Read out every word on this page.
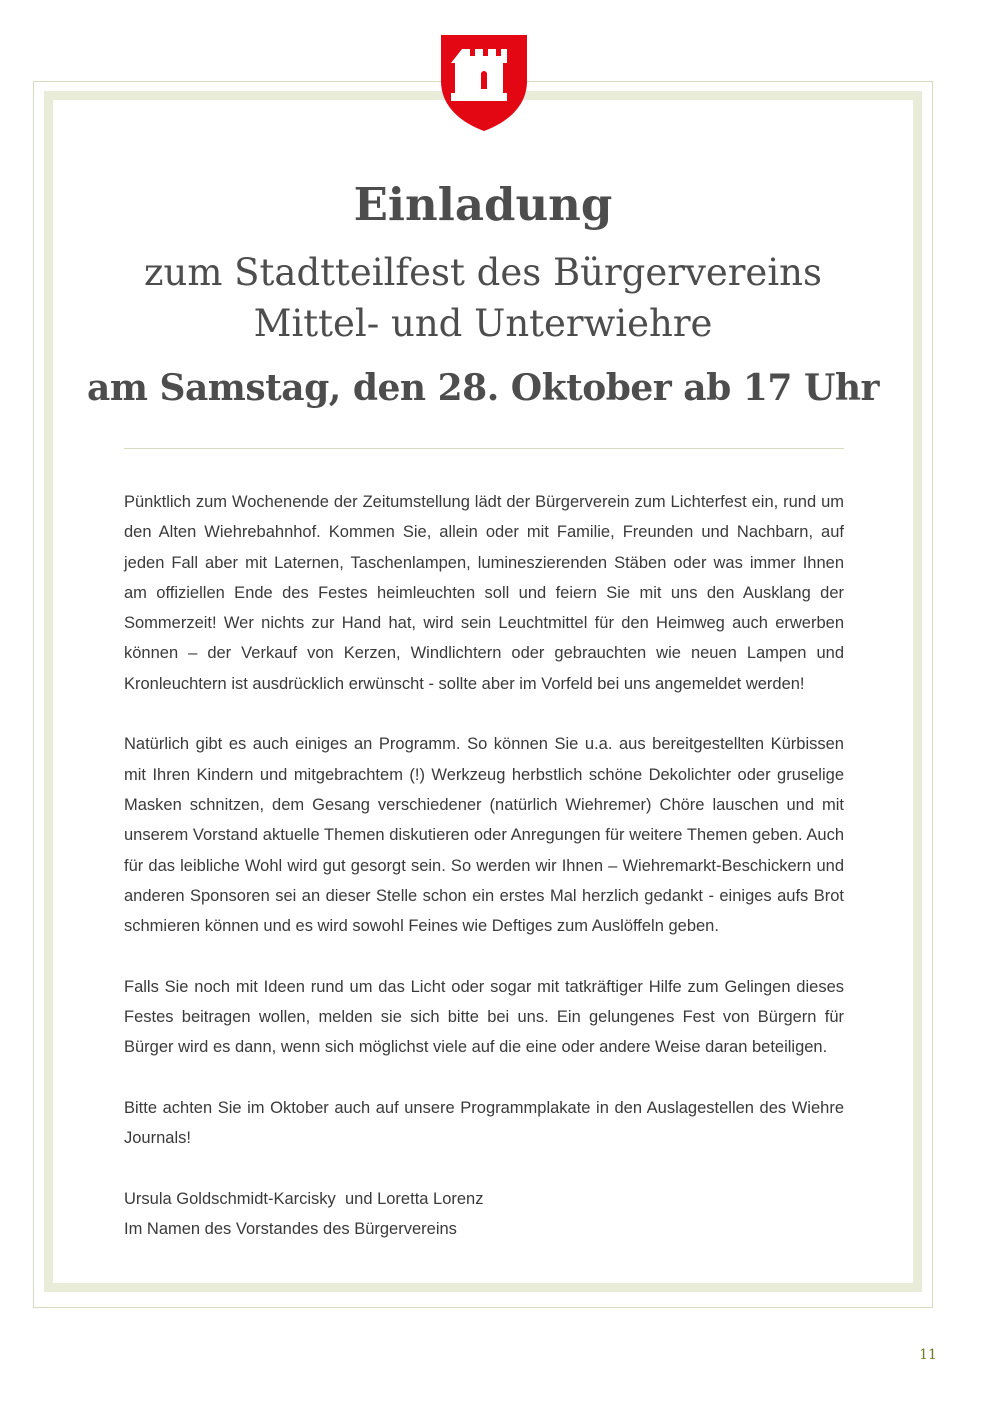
Einladung
zum Stadtteilfest des Bürgervereins
Mittel- und Unterwiehre
am Samstag, den 28. Oktober ab 17 Uhr

Pünktlich zum Wochenende der Zeitumstellung lädt der Bürgerverein zum Lichterfest ein, rund um den Alten Wiehrebahnhof. Kommen Sie, allein oder mit Familie, Freunden und Nachbarn, auf jeden Fall aber mit Laternen, Taschenlampen, lumineszierenden Stäben oder was immer Ihnen am offiziellen Ende des Festes heimleuchten soll und feiern Sie mit uns den Ausklang der Sommerzeit! Wer nichts zur Hand hat, wird sein Leuchtmittel für den Heimweg auch erwerben können – der Verkauf von Kerzen, Windlichtern oder gebrauchten wie neuen Lampen und Kronleuchtern ist ausdrücklich erwünscht - sollte aber im Vorfeld bei uns angemeldet werden!

Natürlich gibt es auch einiges an Programm. So können Sie u.a. aus bereitgestellten Kürbissen mit Ihren Kindern und mitgebrachtem (!) Werkzeug herbstlich schöne Dekolichter oder gruselige Masken schnitzen, dem Gesang verschiedener (natürlich Wiehremer) Chöre lauschen und mit unserem Vorstand aktuelle Themen diskutieren oder Anregungen für weitere Themen geben. Auch für das leibliche Wohl wird gut gesorgt sein. So werden wir Ihnen – Wiehremarkt-Beschickern und anderen Sponsoren sei an dieser Stelle schon ein erstes Mal herzlich gedankt - einiges aufs Brot schmieren können und es wird sowohl Feines wie Deftiges zum Auslöffeln geben.

Falls Sie noch mit Ideen rund um das Licht oder sogar mit tatkräftiger Hilfe zum Gelingen dieses Festes beitragen wollen, melden sie sich bitte bei uns. Ein gelungenes Fest von Bürgern für Bürger wird es dann, wenn sich möglichst viele auf die eine oder andere Weise daran beteiligen.

Bitte achten Sie im Oktober auch auf unsere Programmplakate in den Auslagestellen des Wiehre Journals!

Ursula Goldschmidt-Karcisky  und Loretta Lorenz
Im Namen des Vorstandes des Bürgervereins
11
